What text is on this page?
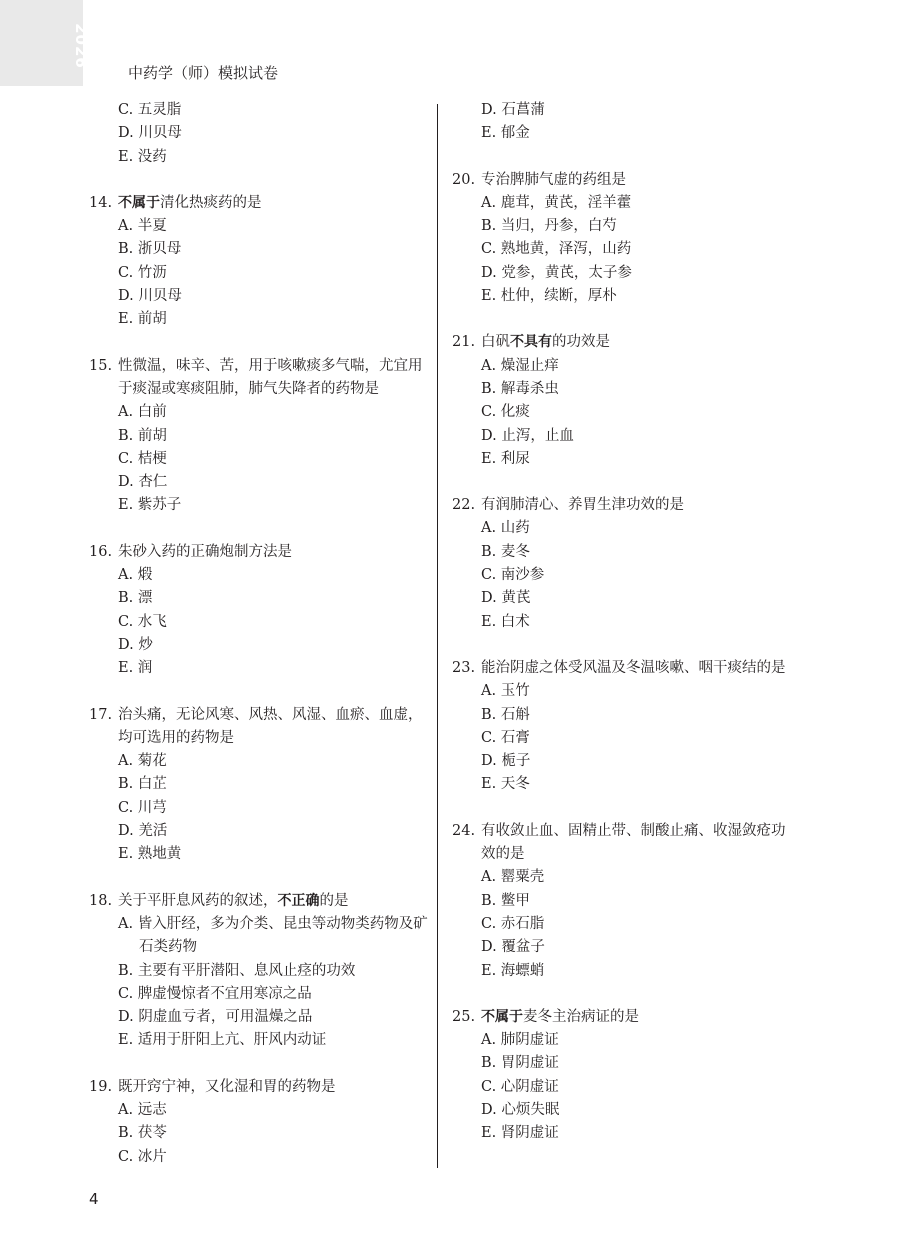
2026
中药学（师）模拟试卷
C. 五灵脂
D. 川贝母
E. 没药
14. 不属于清化热痰药的是
A. 半夏
B. 浙贝母
C. 竹沥
D. 川贝母
E. 前胡
15. 性微温，味辛、苦，用于咳嗽痰多气喘，尤宜用于痰湿或寒痰阻肺，肺气失降者的药物是
A. 白前
B. 前胡
C. 桔梗
D. 杏仁
E. 紫苏子
16. 朱砂入药的正确炮制方法是
A. 煅
B. 漂
C. 水飞
D. 炒
E. 润
17. 治头痛，无论风寒、风热、风湿、血瘀、血虚，均可选用的药物是
A. 菊花
B. 白芷
C. 川芎
D. 羌活
E. 熟地黄
18. 关于平肝息风药的叙述，不正确的是
A. 皆入肝经，多为介类、昆虫等动物类药物及矿石类药物
B. 主要有平肝潜阳、息风止痉的功效
C. 脾虚慢惊者不宜用寒凉之品
D. 阴虚血亏者，可用温燥之品
E. 适用于肝阳上亢、肝风内动证
19. 既开窍宁神，又化湿和胃的药物是
A. 远志
B. 茯苓
C. 冰片
D. 石菖蒲
E. 郁金
20. 专治脾肺气虚的药组是
A. 鹿茸，黄芪，淫羊藿
B. 当归，丹参，白芍
C. 熟地黄，泽泻，山药
D. 党参，黄芪，太子参
E. 杜仲，续断，厚朴
21. 白矾不具有的功效是
A. 燥湿止痒
B. 解毒杀虫
C. 化痰
D. 止泻，止血
E. 利尿
22. 有润肺清心、养胃生津功效的是
A. 山药
B. 麦冬
C. 南沙参
D. 黄芪
E. 白术
23. 能治阴虚之体受风温及冬温咳嗽、咽干痰结的是
A. 玉竹
B. 石斛
C. 石膏
D. 栀子
E. 天冬
24. 有收敛止血、固精止带、制酸止痛、收湿敛疮功效的是
A. 罂粟壳
B. 鳖甲
C. 赤石脂
D. 覆盆子
E. 海螵蛸
25. 不属于麦冬主治病证的是
A. 肺阴虚证
B. 胃阴虚证
C. 心阴虚证
D. 心烦失眠
E. 肾阴虚证
4
